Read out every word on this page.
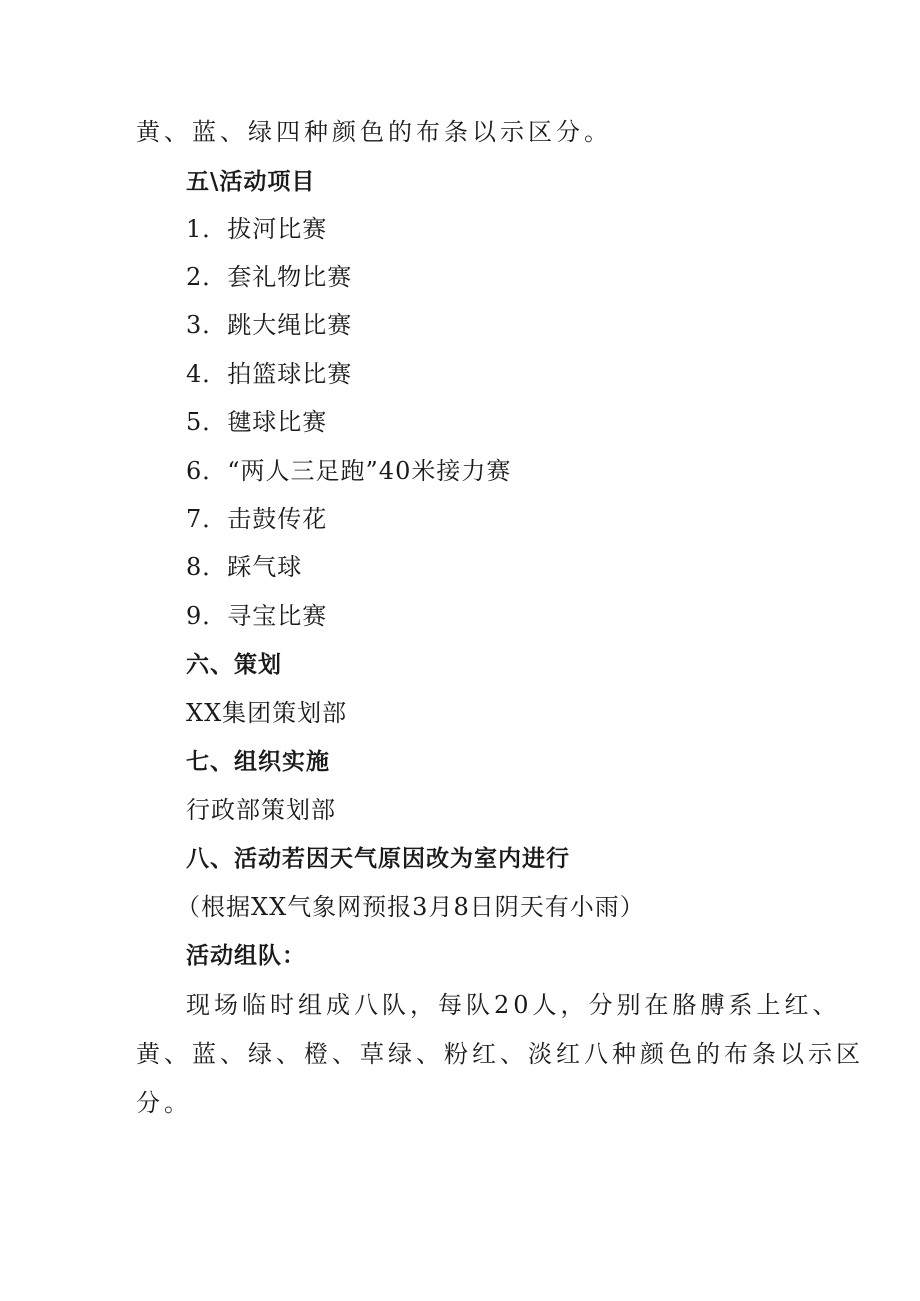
黄、蓝、绿四种颜色的布条以示区分。
五\活动项目
1．拔河比赛
2．套礼物比赛
3．跳大绳比赛
4．拍篮球比赛
5．毽球比赛
6．“两人三足跑”40米接力赛
7．击鼓传花
8．踩气球
9．寻宝比赛
六、策划
XX集团策划部
七、组织实施
行政部策划部
八、活动若因天气原因改为室内进行
（根据XX气象网预报3月8日阴天有小雨）
活动组队：
现场临时组成八队，每队20人，分别在胳膊系上红、
黄、蓝、绿、橙、草绿、粉红、淡红八种颜色的布条以示区
分。
